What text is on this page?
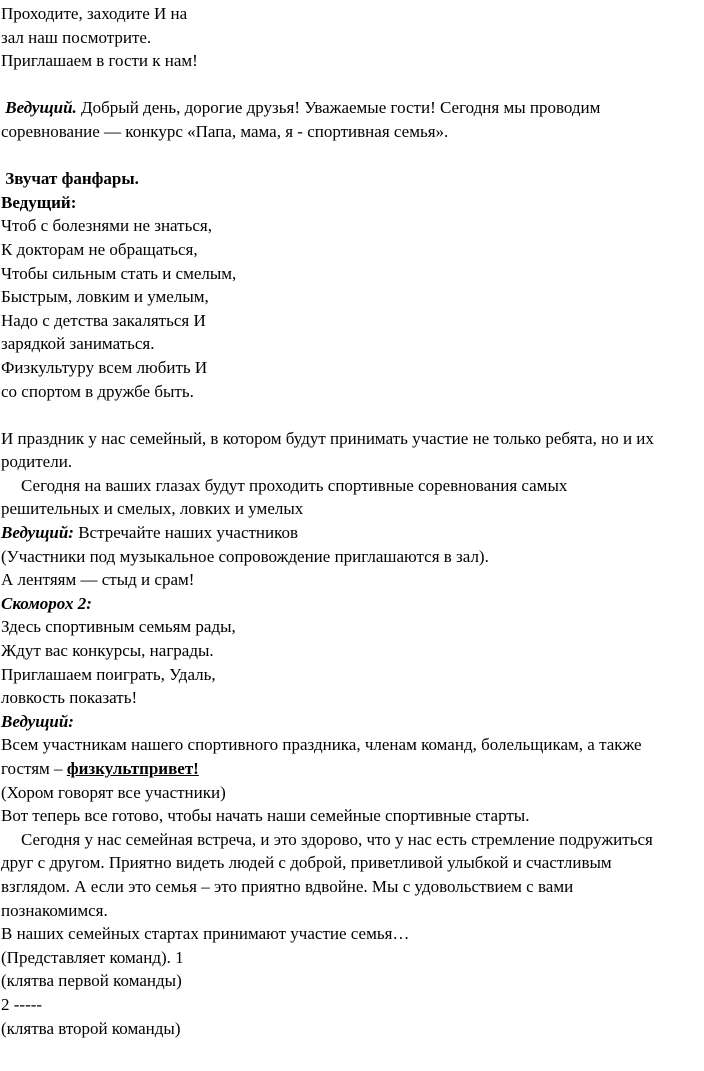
Проходите, заходите И на
зал наш посмотрите.
Приглашаем в гости к нам!
Ведущий. Добрый день, дорогие друзья! Уважаемые гости! Сегодня мы проводим
соревнование — конкурс «Папа, мама, я - спортивная семья».
Звучат фанфары.
Ведущий:
Чтоб с болезнями не знаться,
К докторам не обращаться,
Чтобы сильным стать и смелым,
Быстрым, ловким и умелым,
Надо с детства закаляться И
зарядкой заниматься.
Физкультуру всем любить И
со спортом в дружбе быть.
И праздник у нас семейный, в котором будут принимать участие не только ребята, но и их
родители.
Сегодня на ваших глазах будут проходить спортивные соревнования самых
решительных и смелых, ловких и умелых
Ведущий: Встречайте наших участников
(Участники под музыкальное сопровождение приглашаются в зал).
А лентяям — стыд и срам!
Скоморох 2:
Здесь спортивным семьям рады,
Ждут вас конкурсы, награды.
Приглашаем поиграть, Удаль,
ловкость показать!
Ведущий:
Всем участникам нашего спортивного праздника, членам команд, болельщикам, а также
гостям – физкультпривет!
(Хором говорят все участники)
Вот теперь все готово, чтобы начать наши семейные спортивные старты.
Сегодня у нас семейная встреча, и это здорово, что у нас есть стремление подружиться
друг с другом. Приятно видеть людей с доброй, приветливой улыбкой и счастливым
взглядом. А если это семья – это приятно вдвойне. Мы с удовольствием с вами
познакомимся.
В наших семейных стартах принимают участие семья…
(Представляет команд). 1
(клятва первой команды)
2 -----
(клятва второй команды)
